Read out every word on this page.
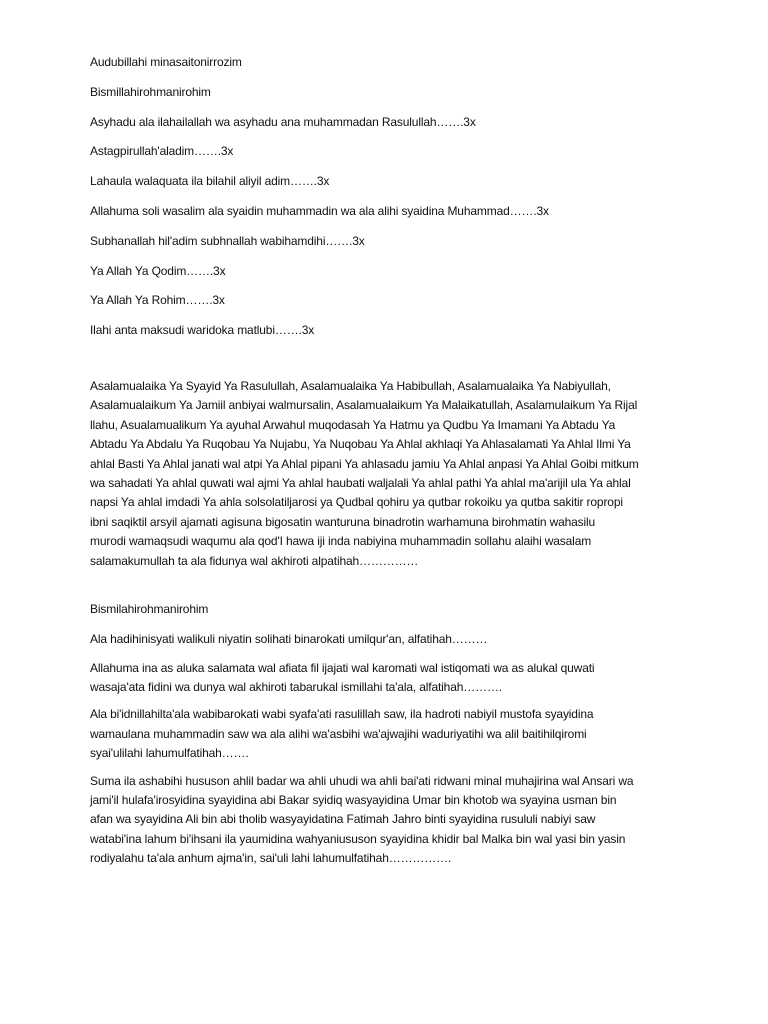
Audubillahi minasaitonirrozim
Bismillahirohmanirohim
Asyhadu ala ilahailallah wa asyhadu ana muhammadan Rasulullah…….3x
Astagpirullah'aladim…….3x
Lahaula walaquata ila bilahil aliyil adim…….3x
Allahuma soli wasalim ala syaidin muhammadin wa ala alihi syaidina Muhammad…….3x
Subhanallah hil'adim subhnallah wabihamdihi…….3x
Ya Allah Ya Qodim…….3x
Ya Allah Ya Rohim…….3x
Ilahi anta maksudi waridoka matlubi…….3x
Asalamualaika Ya Syayid Ya Rasulullah, Asalamualaika Ya Habibullah, Asalamualaika Ya Nabiyullah,
Asalamualaikum Ya Jamiil anbiyai walmursalin, Asalamualaikum Ya Malaikatullah, Asalamulaikum Ya Rijal
llahu, Asualamualikum Ya ayuhal Arwahul muqodasah Ya Hatmu ya Qudbu Ya Imamani Ya Abtadu Ya
Abtadu Ya Abdalu Ya Ruqobau Ya Nujabu, Ya Nuqobau Ya Ahlal akhlaqi Ya Ahlasalamati Ya Ahlal Ilmi Ya
ahlal Basti Ya Ahlal janati wal atpi Ya Ahlal pipani Ya ahlasadu jamiu Ya Ahlal anpasi Ya Ahlal Goibi mitkum
wa sahadati Ya ahlal quwati wal ajmi Ya ahlal haubati waljalali Ya ahlal pathi Ya ahlal ma'arijil ula Ya ahlal
napsi Ya ahlal imdadi Ya ahla solsolatiljarosi ya Qudbal qohiru ya qutbar rokoiku ya qutba sakitir ropropi
ibni saqiktil arsyil ajamati agisuna bigosatin wanturuna binadrotin warhamuna birohmatin wahasilu
murodi wamaqsudi waqumu ala qod'I hawa iji inda nabiyina muhammadin sollahu alaihi wasalam
salamakumullah ta ala fidunya wal akhiroti alpatihah……………
Bismilahirohmanirohim
Ala hadihinisyati walikuli niyatin solihati binarokati umilqur'an, alfatihah………
Allahuma ina as aluka salamata wal afiata fil ijajati wal karomati wal istiqomati wa as alukal quwati
wasaja'ata fidini wa dunya wal akhiroti tabarukal ismillahi ta'ala, alfatihah……….
Ala bi'idnillahilta'ala wabibarokati wabi syafa'ati rasulillah saw, ila hadroti nabiyil mustofa syayidina
wamaulana muhammadin saw wa ala alihi wa'asbihi wa'ajwajihi waduriyatihi wa alil baitihilqiromi
syai'ulilahi lahumulfatihah…….
Suma ila ashabihi hususon ahlil badar wa ahli uhudi wa ahli bai'ati ridwani minal muhajirina wal Ansari wa
jami'il hulafa'irosyidina syayidina abi Bakar syidiq wasyayidina Umar bin khotob wa syayina usman bin
afan wa syayidina Ali bin abi tholib wasyayidatina Fatimah Jahro binti syayidina rusululi nabiyi saw
watabi'ina lahum bi'ihsani ila yaumidina wahyaniususon syayidina khidir bal Malka bin wal yasi bin yasin
rodiyalahu ta'ala anhum ajma'in, sai'uli lahi lahumulfatihah…………….
